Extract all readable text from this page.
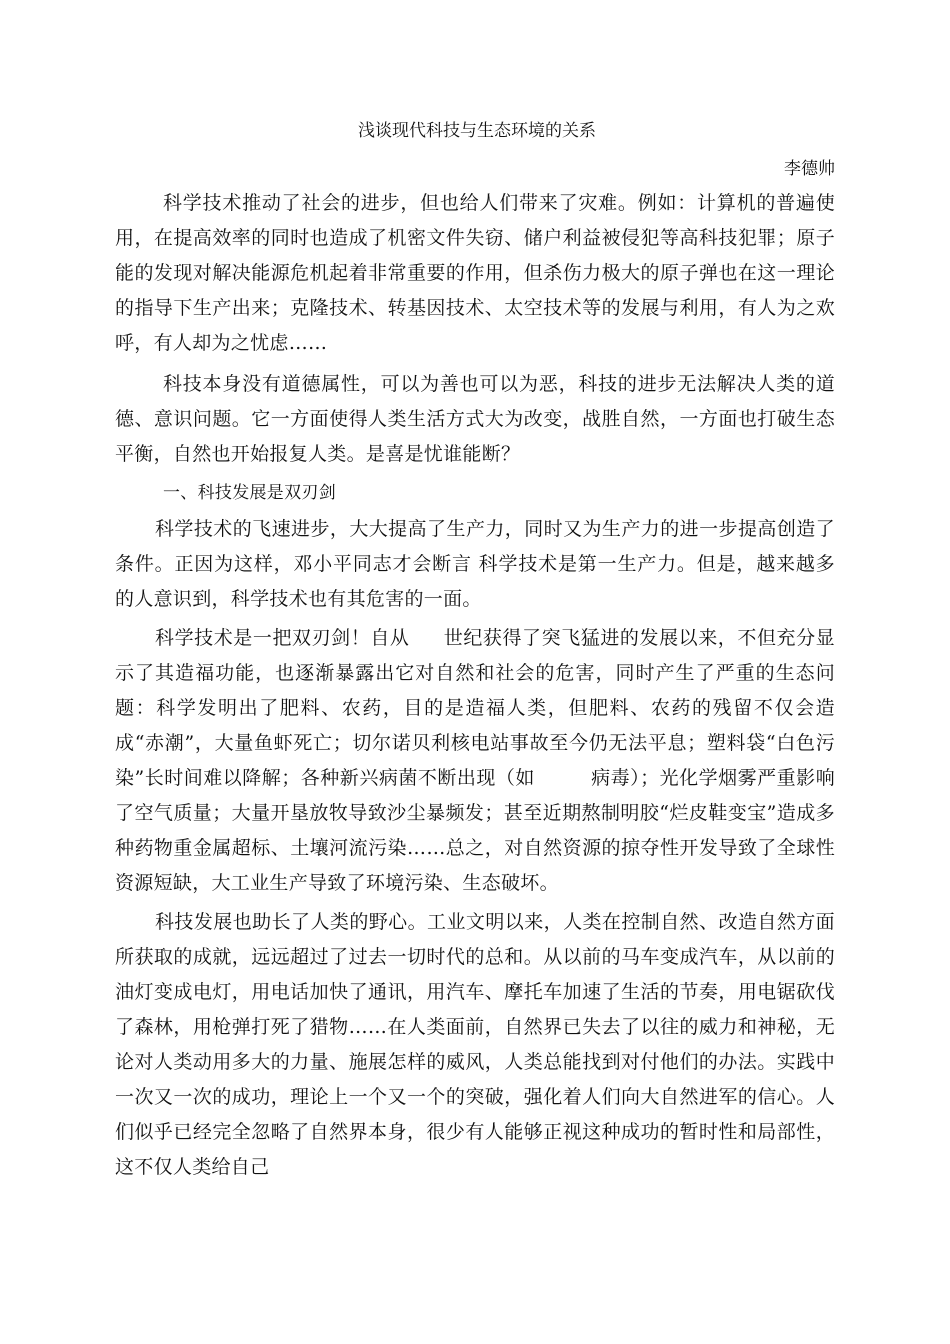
浅谈现代科技与生态环境的关系

李德帅

科学技术推动了社会的进步，但也给人们带来了灾难。例如：计算机的普遍使用，在提高效率的同时也造成了机密文件失窃、储户利益被侵犯等高科技犯罪；原子能的发现对解决能源危机起着非常重要的作用，但杀伤力极大的原子弹也在这一理论的指导下生产出来；克隆技术、转基因技术、太空技术等的发展与利用，有人为之欢呼，有人却为之忧虑……

科技本身没有道德属性，可以为善也可以为恶，科技的进步无法解决人类的道德、意识问题。它一方面使得人类生活方式大为改变，战胜自然，一方面也打破生态平衡，自然也开始报复人类。是喜是忧谁能断？

一、科技发展是双刃剑

科学技术的飞速进步，大大提高了生产力，同时又为生产力的进一步提高创造了条件。正因为这样，邓小平同志才会断言 科学技术是第一生产力。但是，越来越多的人意识到，科学技术也有其危害的一面。

科学技术是一把双刃剑！自从 世纪获得了突飞猛进的发展以来，不但充分显示了其造福功能，也逐渐暴露出它对自然和社会的危害，同时产生了严重的生态问题：科学发明出了肥料、农药，目的是造福人类，但肥料、农药的残留不仅会造成“赤潮”，大量鱼虾死亡；切尔诺贝利核电站事故至今仍无法平息；塑料袋“白色污染”长时间难以降解；各种新兴病菌不断出现（如	病毒）；光化学烟雾严重影响了空气质量；大量开垦放牧导致沙尘暴频发；甚至近期熬制明胶“烂皮鞋变宝”造成多种药物重金属超标、土壤河流污染……总之，对自然资源的掠夺性开发导致了全球性资源短缺，大工业生产导致了环境污染、生态破坏。

科技发展也助长了人类的野心。工业文明以来，人类在控制自然、改造自然方面所获取的成就，远远超过了过去一切时代的总和。从以前的马车变成汽车，从以前的油灯变成电灯，用电话加快了通讯，用汽车、摩托车加速了生活的节奏，用电锯砍伐了森林，用枪弹打死了猎物……在人类面前，自然界已失去了以往的威力和神秘，无论对人类动用多大的力量、施展怎样的威风，人类总能找到对付他们的办法。实践中一次又一次的成功，理论上一个又一个的突破，强化着人们向大自然进军的信心。人们似乎已经完全忽略了自然界本身，很少有人能够正视这种成功的暂时性和局部性，这不仅人类给自己
